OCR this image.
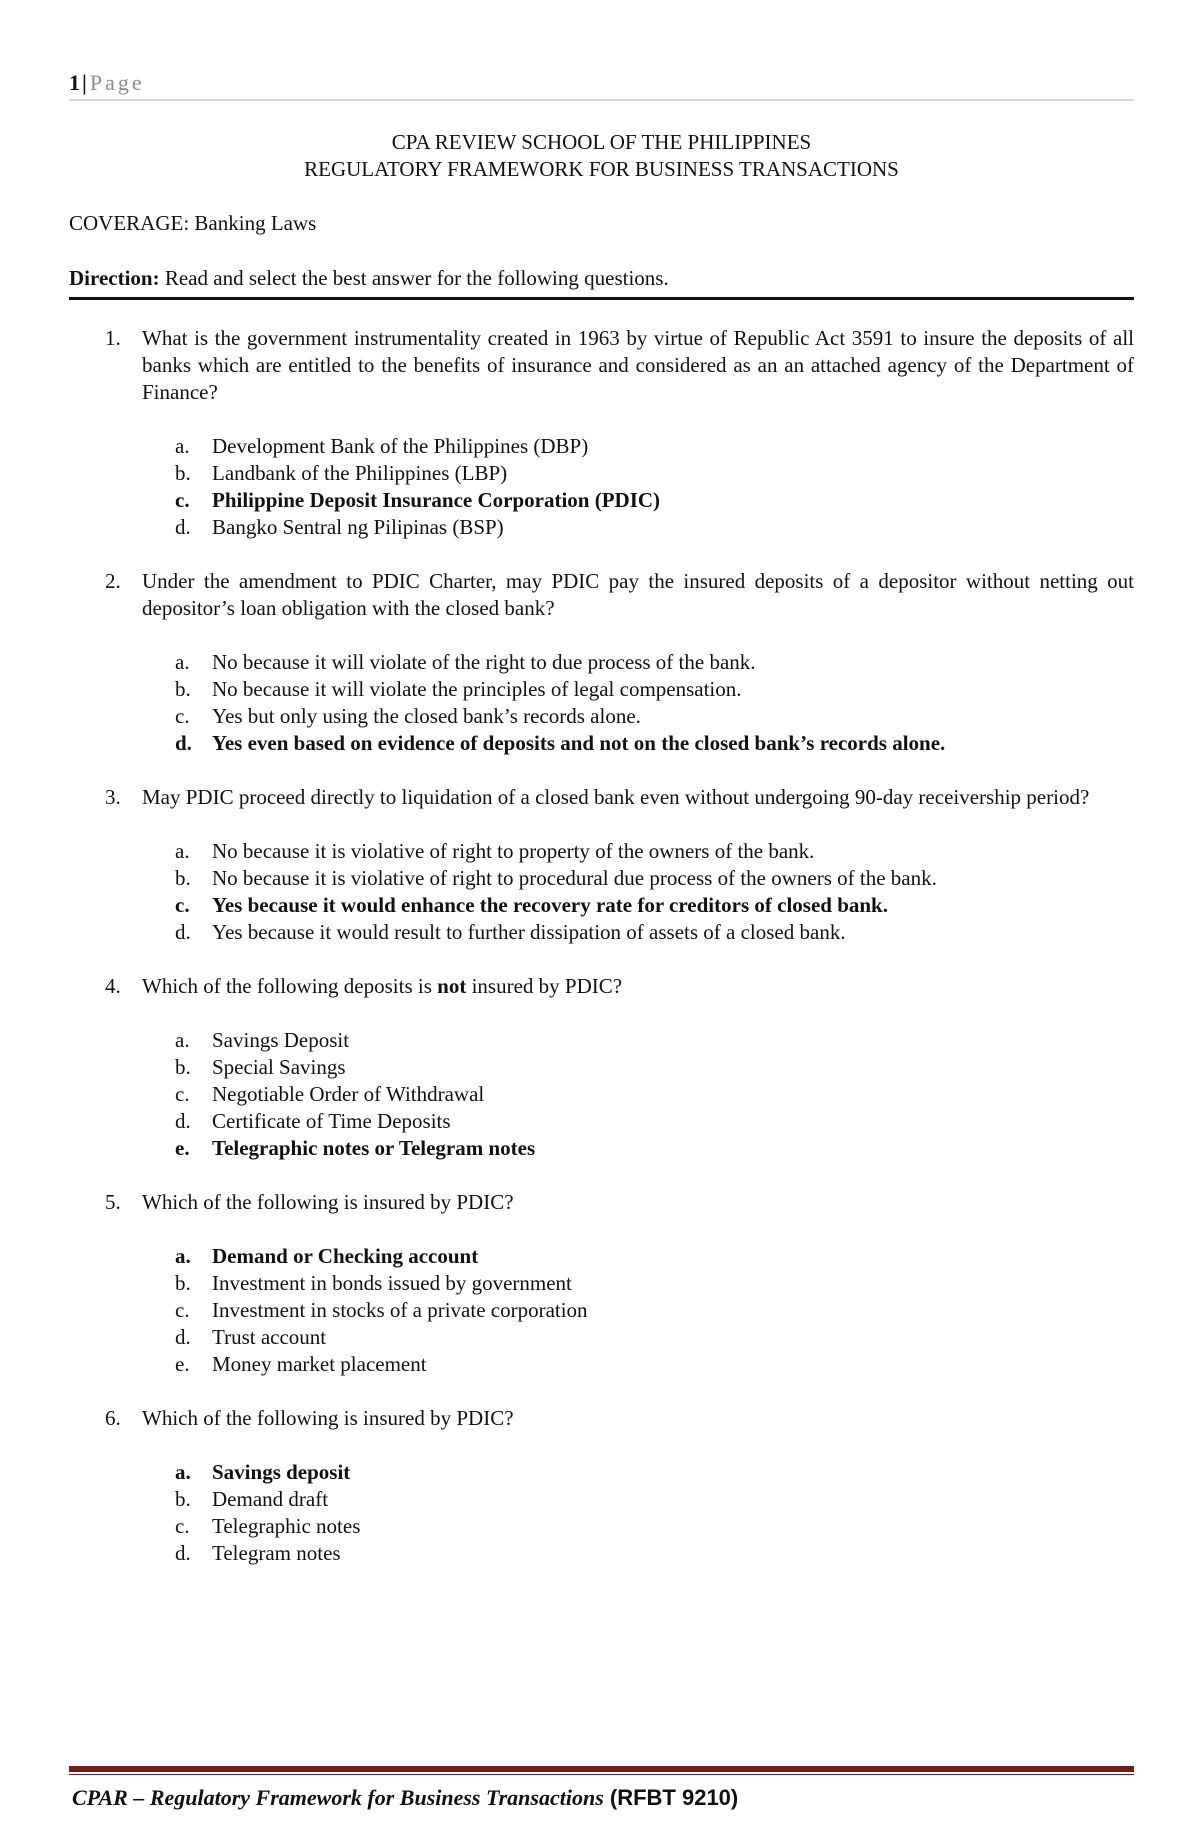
1| Page
CPA REVIEW SCHOOL OF THE PHILIPPINES
REGULATORY FRAMEWORK FOR BUSINESS TRANSACTIONS
COVERAGE: Banking Laws
Direction: Read and select the best answer for the following questions.
1. What is the government instrumentality created in 1963 by virtue of Republic Act 3591 to insure the deposits of all banks which are entitled to the benefits of insurance and considered as an an attached agency of the Department of Finance?
a. Development Bank of the Philippines (DBP)
b. Landbank of the Philippines (LBP)
c. Philippine Deposit Insurance Corporation (PDIC)
d. Bangko Sentral ng Pilipinas (BSP)
2. Under the amendment to PDIC Charter, may PDIC pay the insured deposits of a depositor without netting out depositor’s loan obligation with the closed bank?
a. No because it will violate of the right to due process of the bank.
b. No because it will violate the principles of legal compensation.
c. Yes but only using the closed bank’s records alone.
d. Yes even based on evidence of deposits and not on the closed bank’s records alone.
3. May PDIC proceed directly to liquidation of a closed bank even without undergoing 90-day receivership period?
a. No because it is violative of right to property of the owners of the bank.
b. No because it is violative of right to procedural due process of the owners of the bank.
c. Yes because it would enhance the recovery rate for creditors of closed bank.
d. Yes because it would result to further dissipation of assets of a closed bank.
4. Which of the following deposits is not insured by PDIC?
a. Savings Deposit
b. Special Savings
c. Negotiable Order of Withdrawal
d. Certificate of Time Deposits
e. Telegraphic notes or Telegram notes
5. Which of the following is insured by PDIC?
a. Demand or Checking account
b. Investment in bonds issued by government
c. Investment in stocks of a private corporation
d. Trust account
e. Money market placement
6. Which of the following is insured by PDIC?
a. Savings deposit
b. Demand draft
c. Telegraphic notes
d. Telegram notes
CPAR – Regulatory Framework for Business Transactions (RFBT 9210)
